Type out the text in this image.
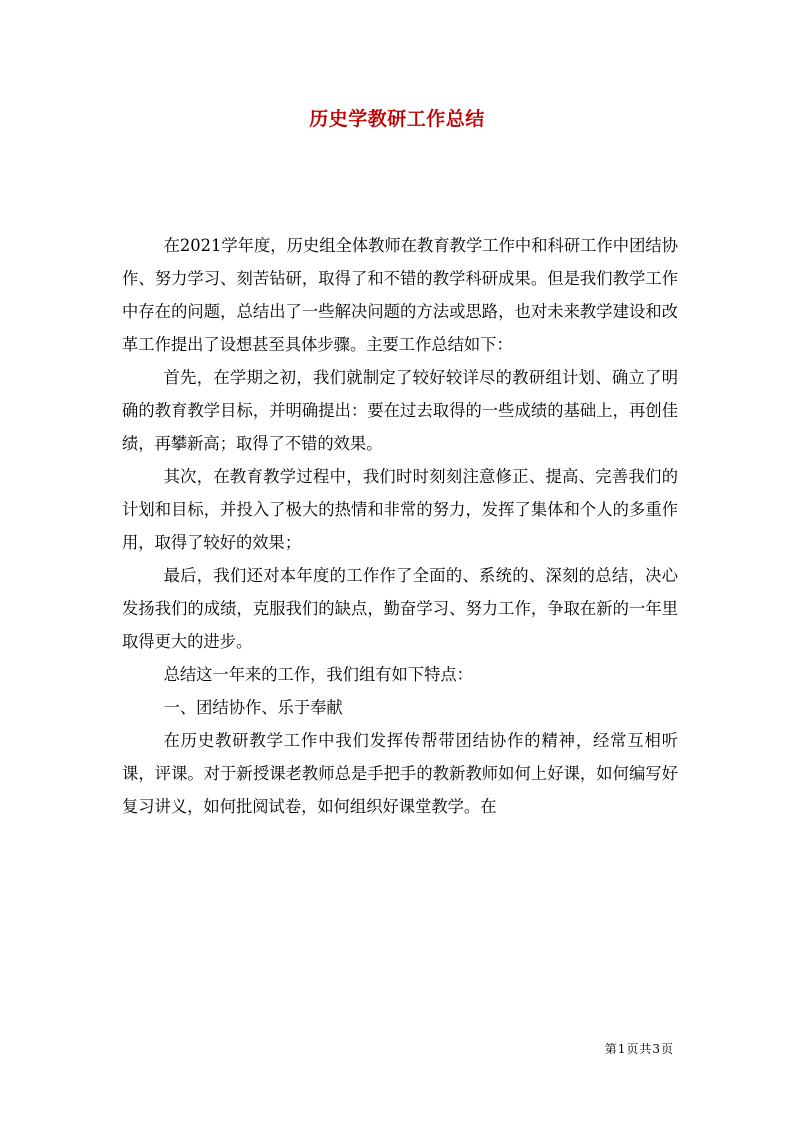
历史学教研工作总结

在2021学年度，历史组全体教师在教育教学工作中和科研工作中团结协作、努力学习、刻苦钻研，取得了和不错的教学科研成果。但是我们教学工作中存在的问题，总结出了一些解决问题的方法或思路，也对未来教学建设和改革工作提出了设想甚至具体步骤。主要工作总结如下：

首先，在学期之初，我们就制定了较好较详尽的教研组计划、确立了明确的教育教学目标，并明确提出：要在过去取得的一些成绩的基础上，再创佳绩，再攀新高；取得了不错的效果。

其次，在教育教学过程中，我们时时刻刻注意修正、提高、完善我们的计划和目标，并投入了极大的热情和非常的努力，发挥了集体和个人的多重作用，取得了较好的效果；

最后，我们还对本年度的工作作了全面的、系统的、深刻的总结，决心发扬我们的成绩，克服我们的缺点，勤奋学习、努力工作，争取在新的一年里取得更大的进步。

总结这一年来的工作，我们组有如下特点：

一、团结协作、乐于奉献

在历史教研教学工作中我们发挥传帮带团结协作的精神，经常互相听课，评课。对于新授课老教师总是手把手的教新教师如何上好课，如何编写好复习讲义，如何批阅试卷，如何组织好课堂教学。在

第1页共3页
